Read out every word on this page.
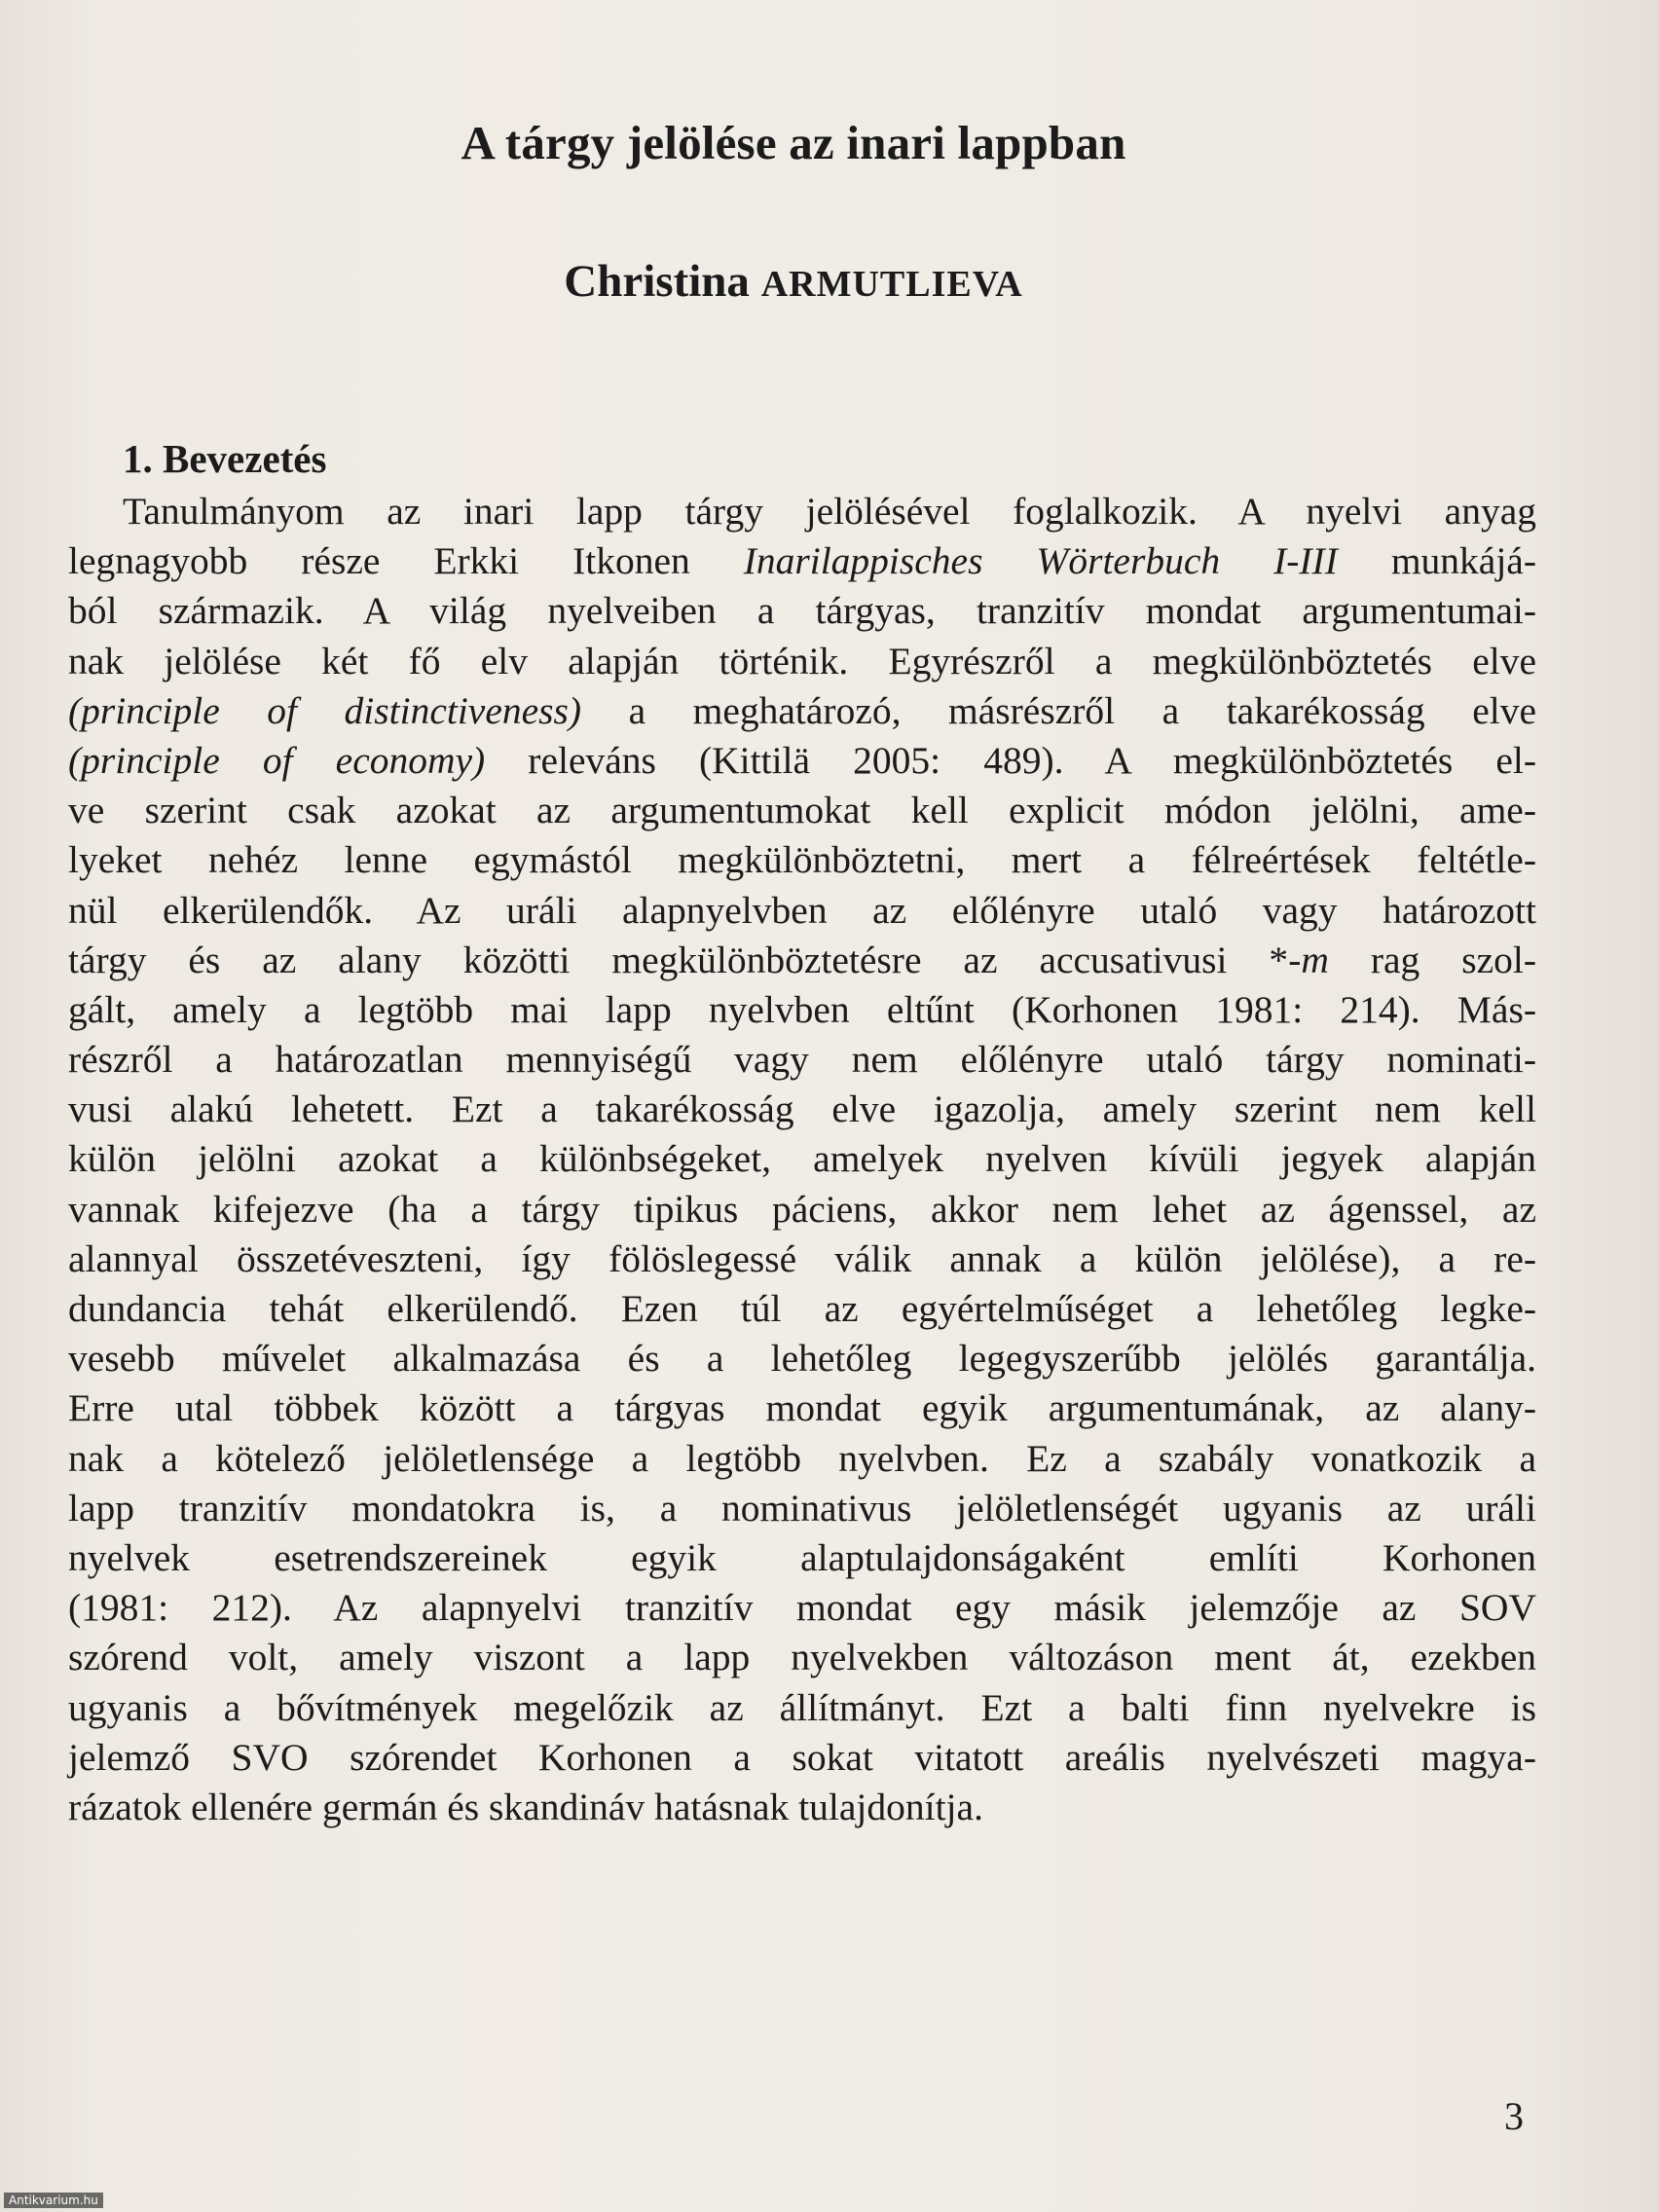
A tárgy jelölése az inari lappban
Christina ARMUTLIEVA
1. Bevezetés
Tanulmányom az inari lapp tárgy jelölésével foglalkozik. A nyelvi anyag
legnagyobb része Erkki Itkonen Inarilappisches Wörterbuch I-III munkájá-
ból származik. A világ nyelveiben a tárgyas, tranzitív mondat argumentumai-
nak jelölése két fő elv alapján történik. Egyrészről a megkülönböztetés elve
(principle of distinctiveness) a meghatározó, másrészről a takarékosság elve
(principle of economy) releváns (Kittilä 2005: 489). A megkülönböztetés el-
ve szerint csak azokat az argumentumokat kell explicit módon jelölni, ame-
lyeket nehéz lenne egymástól megkülönböztetni, mert a félreértések feltétle-
nül elkerülendők. Az uráli alapnyelvben az előlényre utaló vagy határozott
tárgy és az alany közötti megkülönböztetésre az accusativusi *-m rag szol-
gált, amely a legtöbb mai lapp nyelvben eltűnt (Korhonen 1981: 214). Más-
részről a határozatlan mennyiségű vagy nem előlényre utaló tárgy nominati-
vusi alakú lehetett. Ezt a takarékosság elve igazolja, amely szerint nem kell
külön jelölni azokat a különbségeket, amelyek nyelven kívüli jegyek alapján
vannak kifejezve (ha a tárgy tipikus páciens, akkor nem lehet az ágenssel, az
alannyal összetéveszteni, így fölöslegessé válik annak a külön jelölése), a re-
dundancia tehát elkerülendő. Ezen túl az egyértelműséget a lehetőleg legke-
vesebb művelet alkalmazása és a lehetőleg legegyszerűbb jelölés garantálja.
Erre utal többek között a tárgyas mondat egyik argumentumának, az alany-
nak a kötelező jelöletlensége a legtöbb nyelvben. Ez a szabály vonatkozik a
lapp tranzitív mondatokra is, a nominativus jelöletlenségét ugyanis az uráli
nyelvek esetrendszereinek egyik alaptulajdonságaként említi Korhonen
(1981: 212). Az alapnyelvi tranzitív mondat egy másik jelemzője az SOV
szórend volt, amely viszont a lapp nyelvekben változáson ment át, ezekben
ugyanis a bővítmények megelőzik az állítmányt. Ezt a balti finn nyelvekre is
jelemző SVO szórendet Korhonen a sokat vitatott areális nyelvészeti magya-
rázatok ellenére germán és skandináv hatásnak tulajdonítja.
3
Antikvarium.hu
